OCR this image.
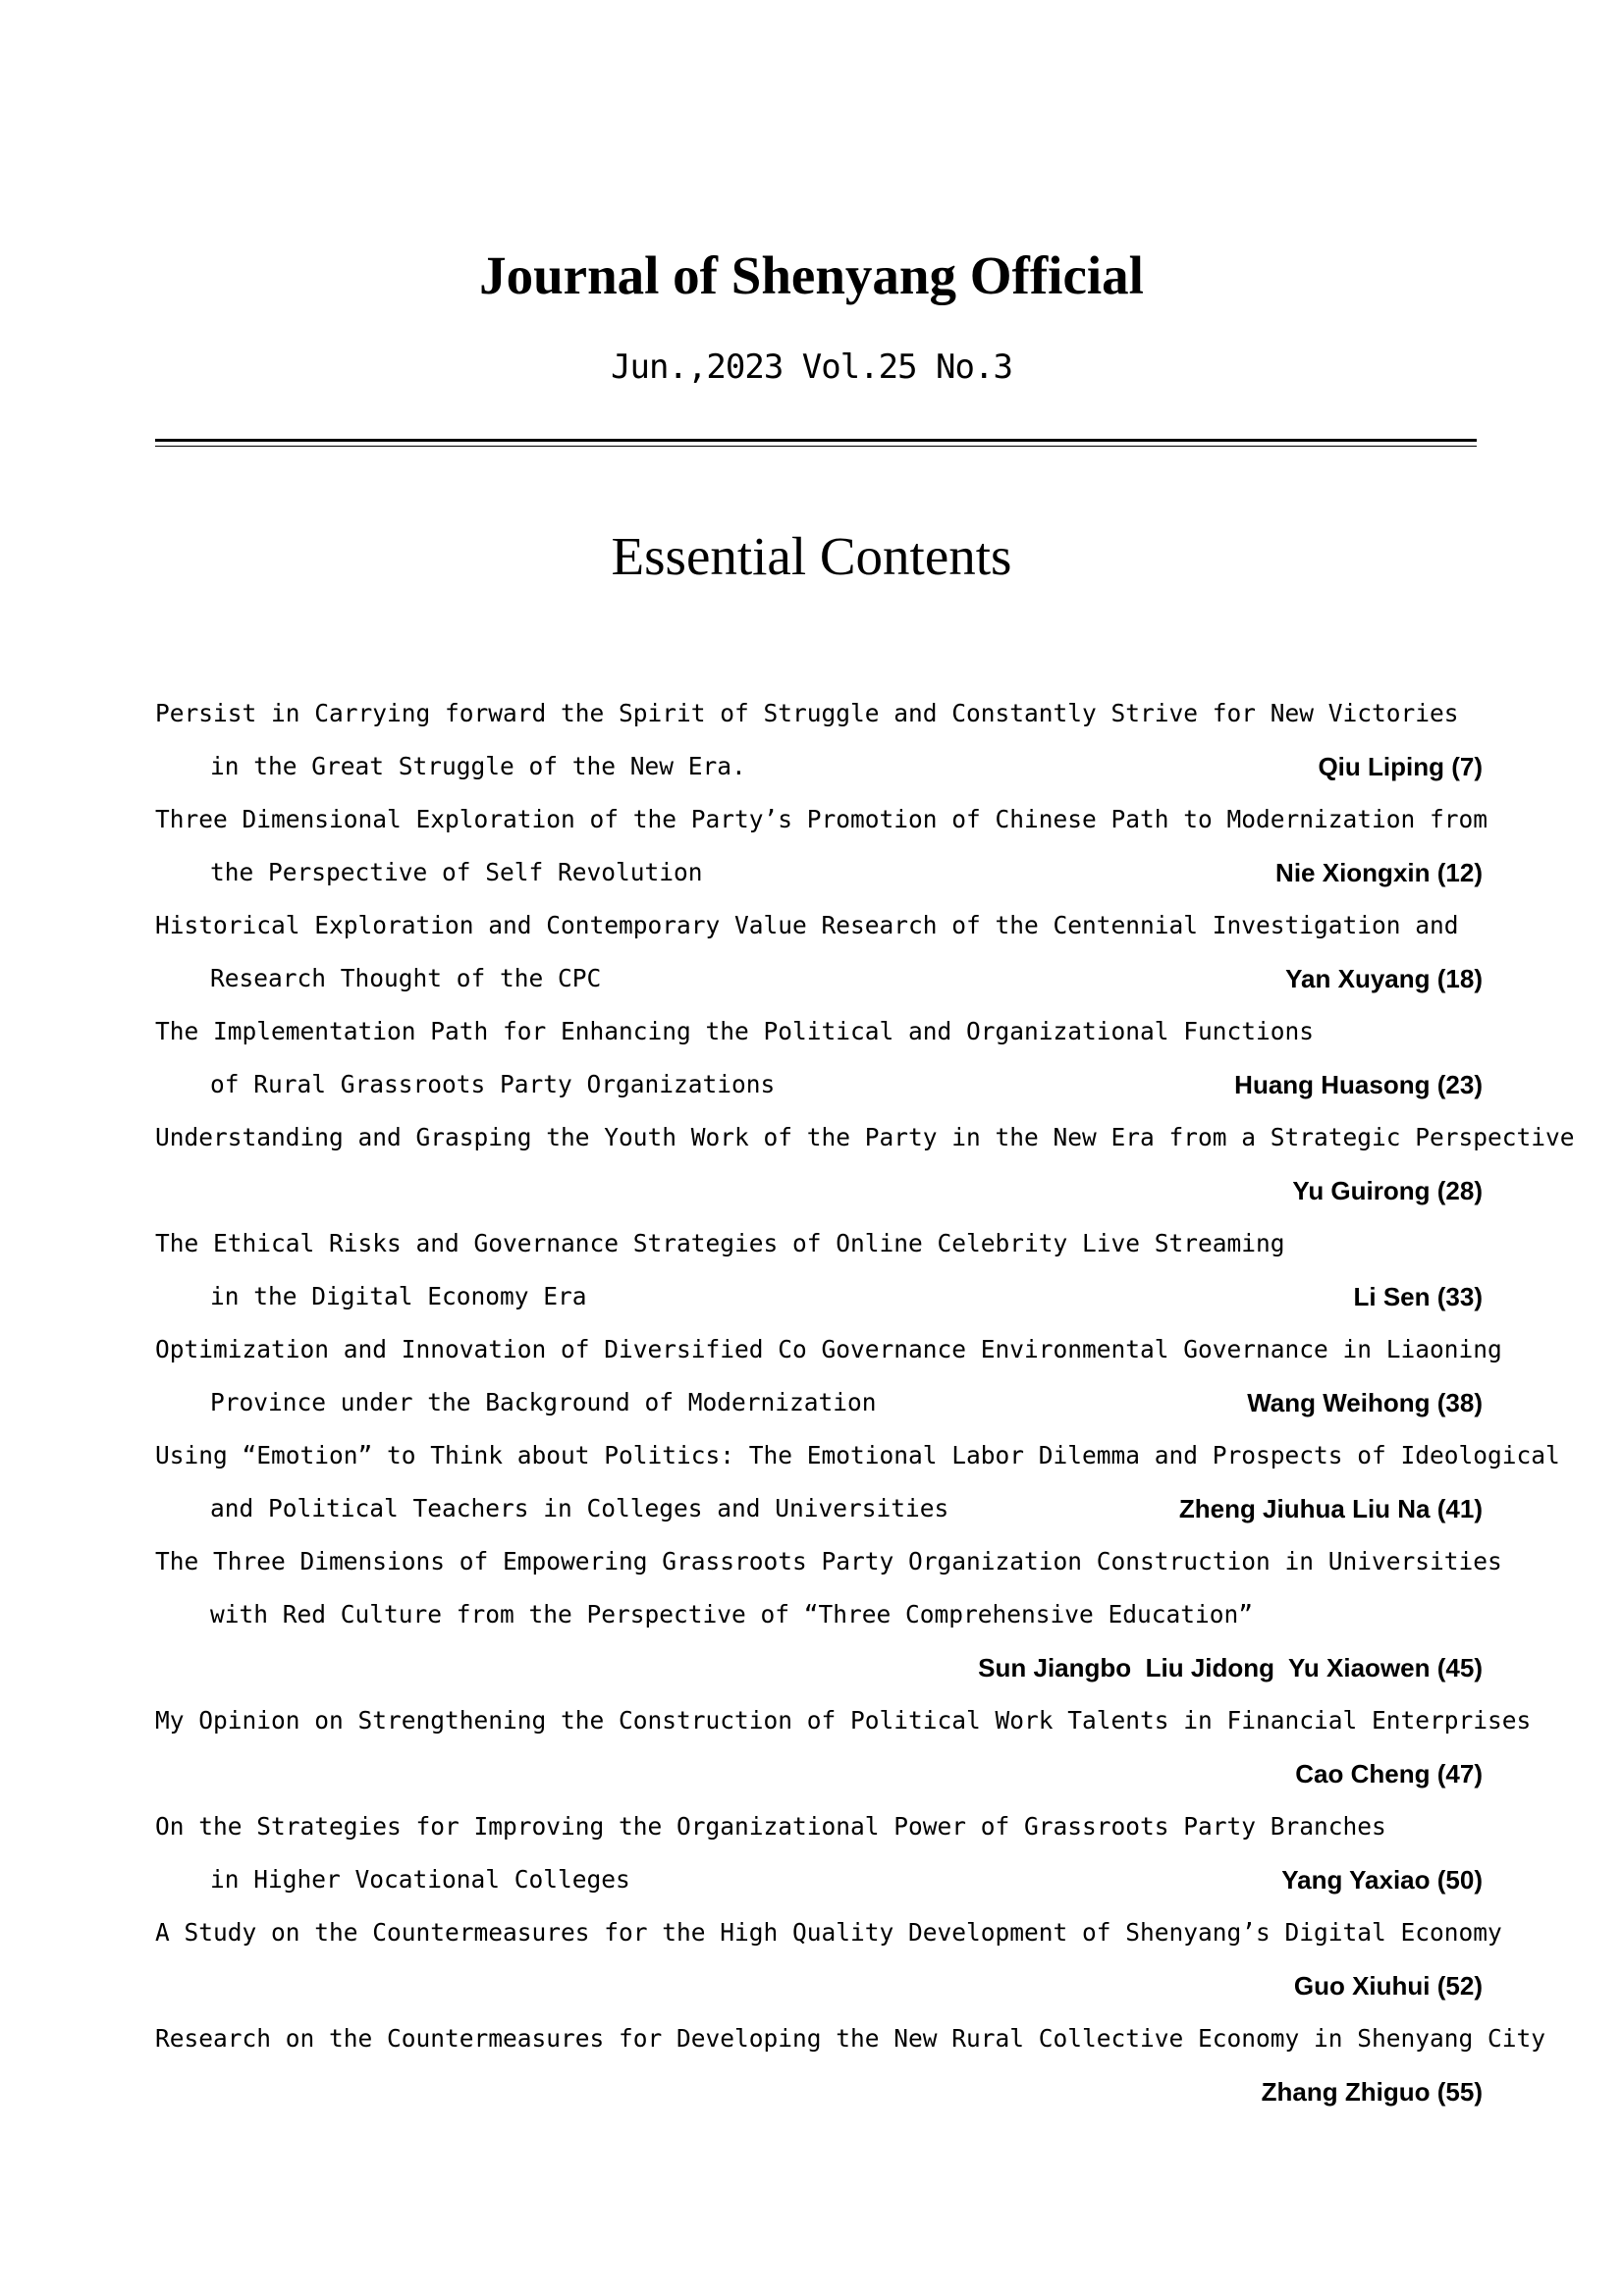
Journal of Shenyang Official
Jun.,2023 Vol.25 No.3
Essential Contents
Persist in Carrying forward the Spirit of Struggle and Constantly Strive for New Victories
in the Great Struggle of the New Era.	Qiu Liping (7)
Three Dimensional Exploration of the Party’s Promotion of Chinese Path to Modernization from
the Perspective of Self Revolution	Nie Xiongxin (12)
Historical Exploration and Contemporary Value Research of the Centennial Investigation and
Research Thought of the CPC	Yan Xuyang (18)
The Implementation Path for Enhancing the Political and Organizational Functions
of Rural Grassroots Party Organizations	Huang Huasong (23)
Understanding and Grasping the Youth Work of the Party in the New Era from a Strategic Perspective
Yu Guirong (28)
The Ethical Risks and Governance Strategies of Online Celebrity Live Streaming
in the Digital Economy Era	Li Sen (33)
Optimization and Innovation of Diversified Co Governance Environmental Governance in Liaoning
Province under the Background of Modernization	Wang Weihong (38)
Using “Emotion” to Think about Politics: The Emotional Labor Dilemma and Prospects of Ideological
and Political Teachers in Colleges and Universities	Zheng Jiuhua Liu Na (41)
The Three Dimensions of Empowering Grassroots Party Organization Construction in Universities
with Red Culture from the Perspective of “Three Comprehensive Education”
Sun Jiangbo  Liu Jidong  Yu Xiaowen (45)
My Opinion on Strengthening the Construction of Political Work Talents in Financial Enterprises
Cao Cheng (47)
On the Strategies for Improving the Organizational Power of Grassroots Party Branches
in Higher Vocational Colleges	Yang Yaxiao (50)
A Study on the Countermeasures for the High Quality Development of Shenyang’s Digital Economy
Guo Xiuhui (52)
Research on the Countermeasures for Developing the New Rural Collective Economy in Shenyang City
Zhang Zhiguo (55)
